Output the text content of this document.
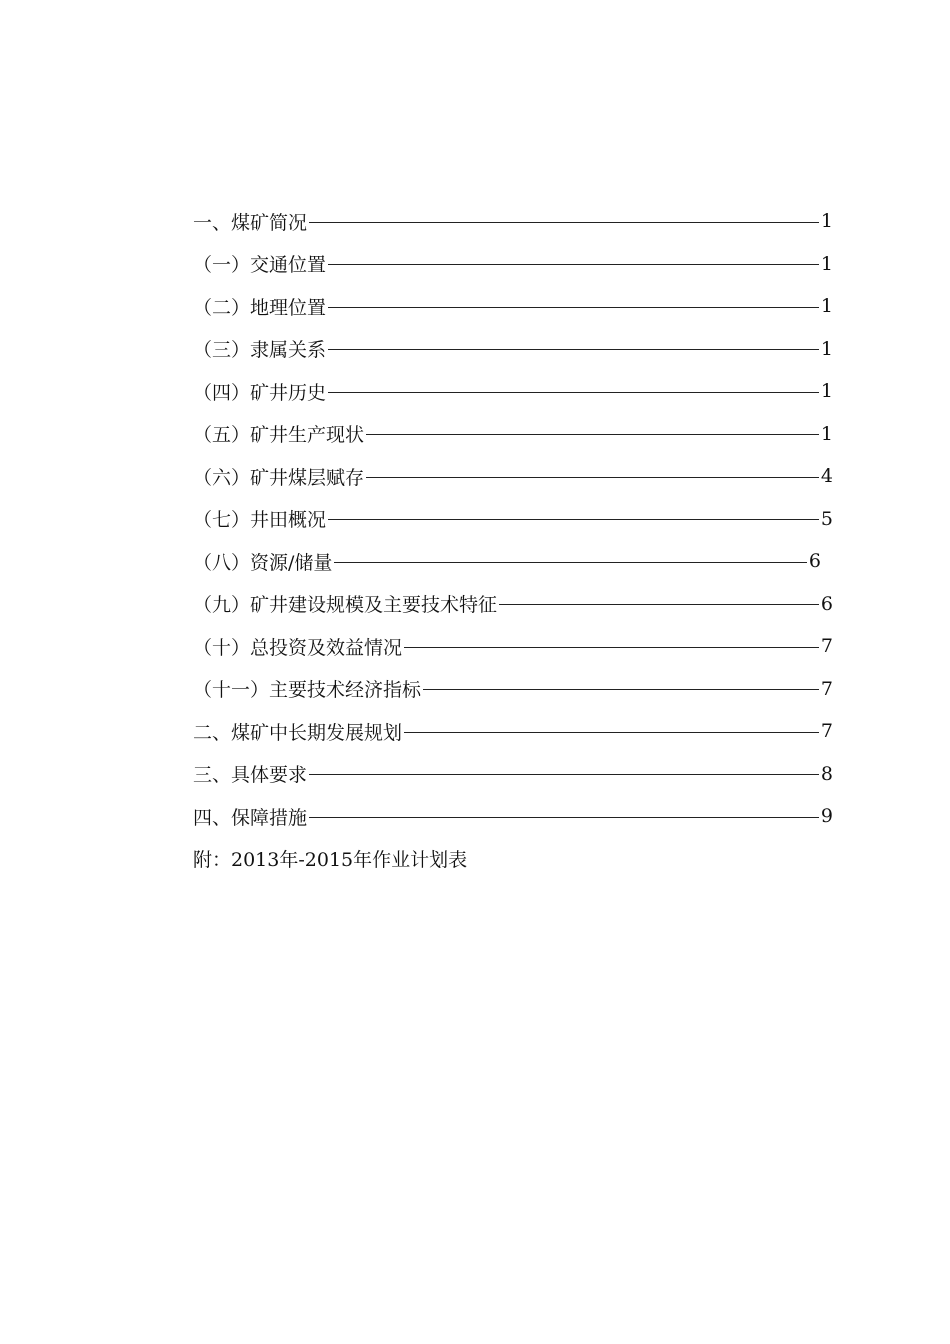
一、煤矿简况	1
（一）交通位置	1
（二）地理位置	1
（三）隶属关系	1
（四）矿井历史	1
（五）矿井生产现状	1
（六）矿井煤层赋存	4
（七）井田概况	5
（八）资源/储量	6
（九）矿井建设规模及主要技术特征	6
（十）总投资及效益情况	7
（十一）主要技术经济指标	7
二、煤矿中长期发展规划	7
三、具体要求	8
四、保障措施	9
附：2013年-2015年作业计划表
